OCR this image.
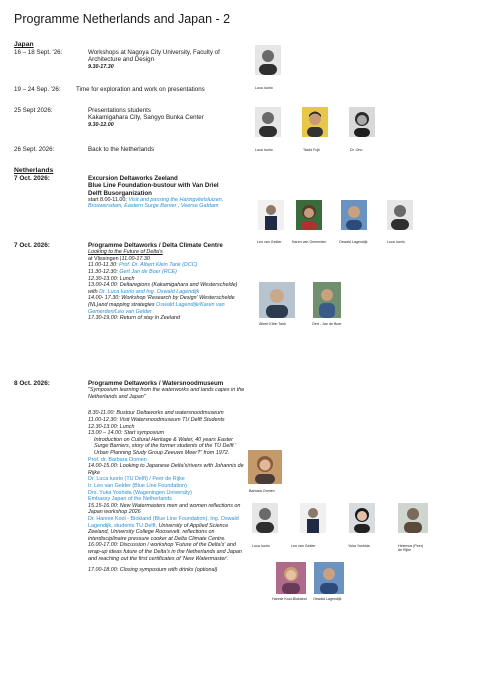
Programme Netherlands and Japan - 2
Japan
16 – 18 Sept. '26:	Workshops at Nagoya City University, Faculty of
Architecture and Design
9.30-17.30
19 – 24 Sep. '26: Time for exploration and work on presentations
25 Sept 2026:	Presentations students
Kakamigahara City, Sangyo Bunka Center
9.30-12.00
26 Sept. 2026:	Back to the Netherlands
Netherlands
7 Oct. 2026:	Excursion Deltaworks Zeeland
Blue Line Foundation-bustour with Van Driel
Delft Busorganization
start 8.00-11.00; Visit and passing the Haringvlietsluizen, Brouwersdam, Eastern Surge Barrier , Veerse Gatdam
7 Oct. 2026:	Programme Deltaworks / Delta Climate Centre
Looking to the Future of Delta's
at Vlissingen |11.00-17.30
11.00-11.30: Prof. Dr. Albert Klein Tank (DCC)
11.30-12.30: Gert Jan de Boer (RCE)
12.30-13.00: Lunch
13.00-14.00: Deltaregions (Kakamigahara and Westerschelde) with Dr. Luca Iuorio and Ing. Oswald Lagendijk
14.00- 17.30: Workshop 'Research by Design' Westerschelde (NL)and mapping strategies Oswald Lagendijk/Karen van Gemerden/Leo van Gelder
17.30-19.00: Return of stay in Zeeland
8 Oct. 2026:	Programme Deltaworks / Watersnoodmuseum
"Symposium learning from the waterworks and lands capes in the Netherlands and Japan"
8.30-11.00: Bustour Deltaworks and watersnoodmuseum
11.00-12.30: Visit Watersnoodmuseum TU Delft Students
12.30-13.00: Lunch
13.00 – 14.00: Start symposium
Introduction on Cultural Heritage & Water, 40 years Easter Surge Barriers, story of the former students of the TU Delft ' Urban Planning Study Group Zeeuws Meer?" from 1972.
Prof. dr. Barbara Oomen
14.00-15.00: Looking to Japanese Delta's/rivers with Johannis de Rijke
Dr. Luca Iuorio (TU Delft) / Peer de Rijke
Ir. Leo van Gelder (Blue Line Foundation)
Drs. Yuka Yoshida (Wageningen University)
Embassy Japan of the Netherlands
15.15-16.00: New Watermasters men and women reflections on Japan workshop 2026
Dr. Hannie Kool - Blokland (Blue Line Foundation), Ing. Oswald Lagendijk, students TU Delft, University of Applied Science Zeeland, University College Roosevelt. reflections on interdisciplinaire pressure cooker at Delta Climate Centre.
16.00-17.00: Discussion / workshop 'Future of the Delta's' and wrap-up ideas future of the Delta's in the Netherlands and Japan and reaching out the first certificates of 'New Watermaster'.
17.00-18.00: Closing symposium with drinks (optional)
Luca Iuorio
Luca Iuorio	Taichi Fujii	Dr. Ono
Leo van Gelder	Karen van Gemerden	Oswald Lagendijk	Luca Iuorio
Albert Klein Tank	Gert - Jan de Boer
Barbara Oomen
Luca Iuorio	Leo van Gelder	Yuka Yoshida	Helemus (Peer) de Rijke
Hannie Kool-Blokland Oswald Lagendijk
